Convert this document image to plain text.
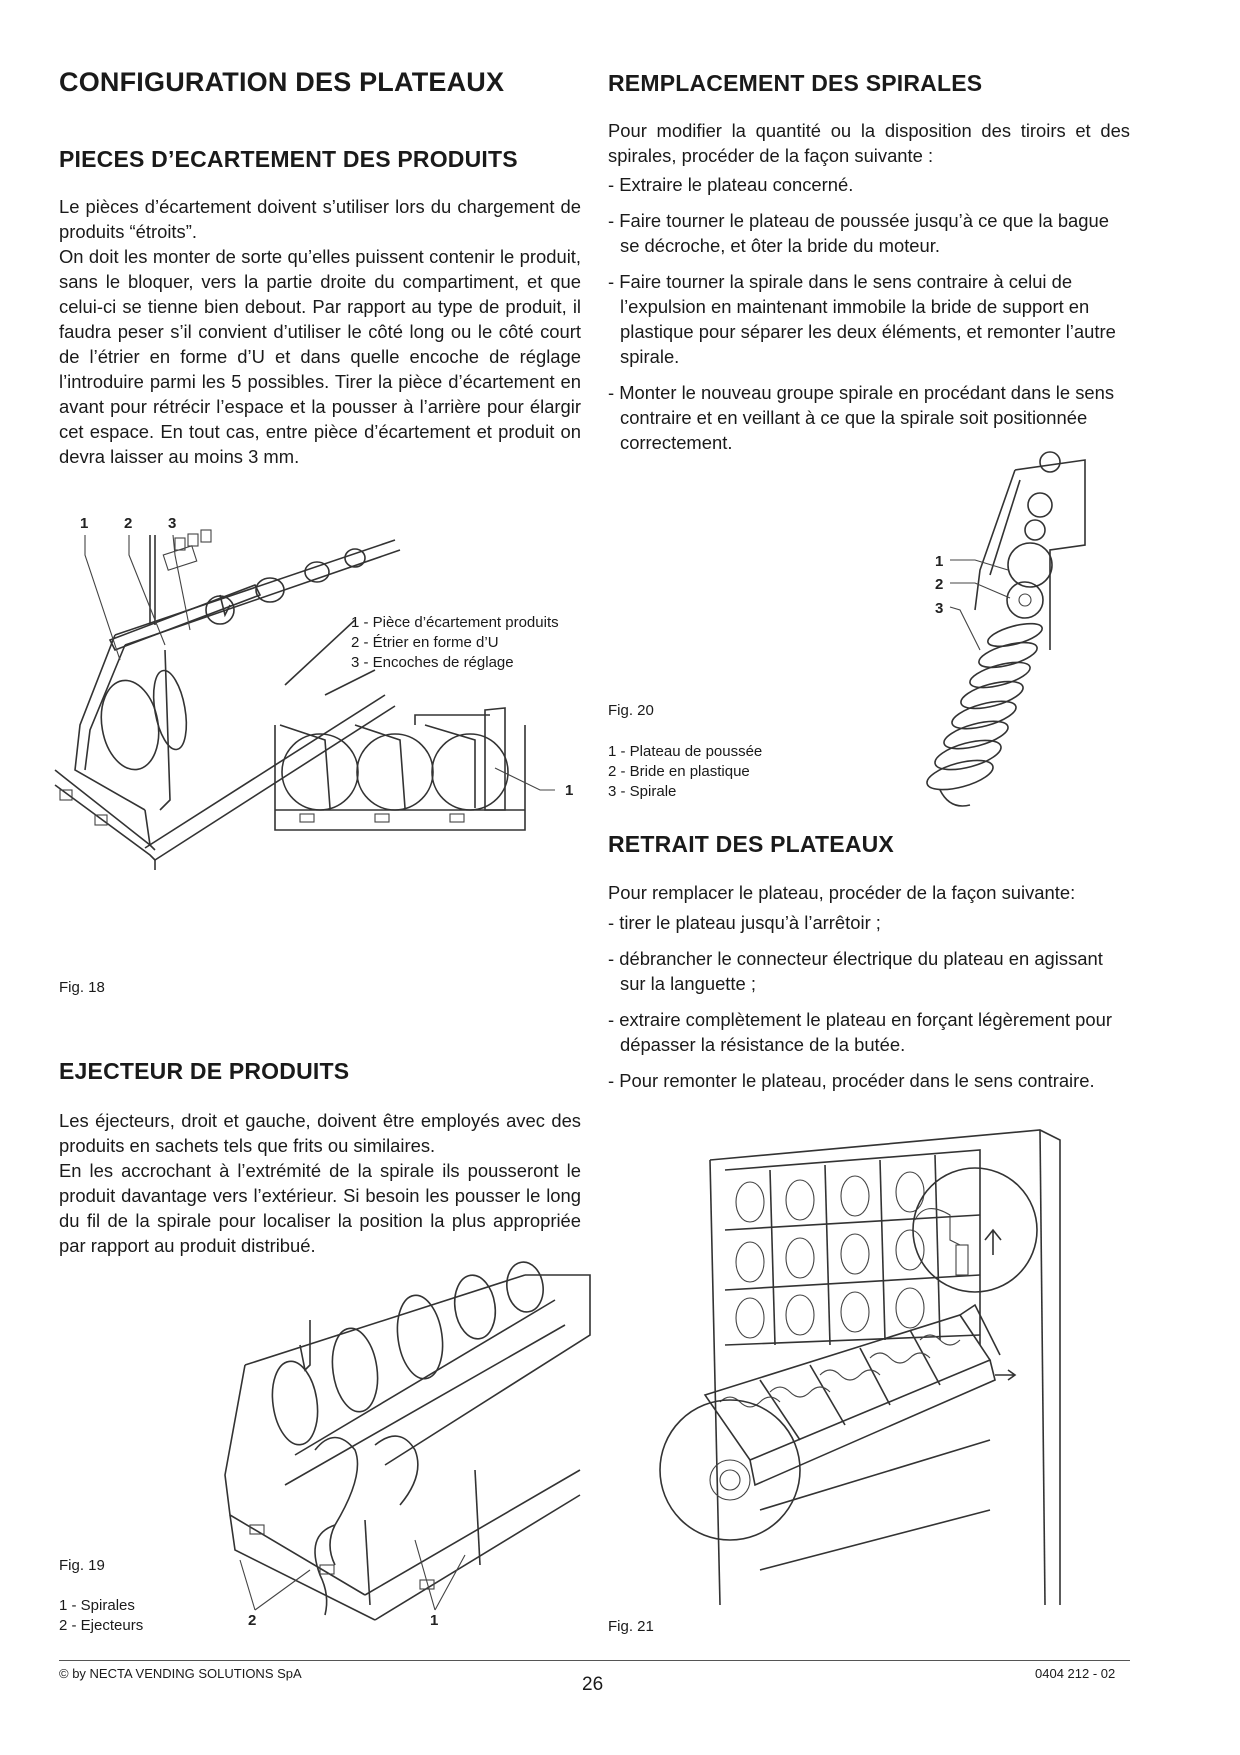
CONFIGURATION DES PLATEAUX
PIECES D’ECARTEMENT DES PRODUITS

Le pièces d’écartement doivent s’utiliser lors du chargement de produits “étroits”.

On doit les monter de sorte qu’elles puissent contenir le produit, sans le bloquer, vers la partie droite du compartiment, et que celui-ci se tienne bien debout. Par rapport au type de produit, il faudra peser s’il convient d’utiliser le côté long ou le côté court de l’étrier en forme d’U et dans quelle encoche de réglage l’introduire parmi les 5 possibles. Tirer la pièce d’écartement en avant pour rétrécir l’espace et la pousser à l’arrière pour élargir cet espace. En tout cas, entre pièce d’écartement et produit on devra laisser au moins 3 mm.

1 2 3
1
1 - Pièce d’écartement produits
2 - Étrier en forme d’U
3 - Encoches de réglage
Fig. 18
EJECTEUR DE PRODUITS

Les éjecteurs, droit et gauche, doivent être employés avec des produits en sachets tels que frits ou similaires.

En les accrochant à l’extrémité de la spirale ils pousseront le produit davantage vers l’extérieur. Si besoin les pousser le long du fil de la spirale pour localiser la position la plus appropriée par rapport au produit distribué.

2	1
Fig. 19
1 - Spirales
2 - Ejecteurs
REMPLACEMENT DES SPIRALES
Pour modifier la quantité ou la disposition des tiroirs et des spirales, procéder de la façon suivante :
- Extraire le plateau concerné.
- Faire tourner le plateau de poussée jusqu’à ce que la bague se décroche, et ôter la bride du moteur.
- Faire tourner la spirale dans le sens contraire à celui de l’expulsion en maintenant immobile la bride de support en plastique pour séparer les deux éléments, et remonter l’autre spirale.
- Monter le nouveau groupe spirale en procédant dans le sens contraire et en veillant à ce que la spirale soit positionnée correctement.
1
2
3
Fig. 20
1 - Plateau de poussée
2 - Bride en plastique
3 - Spirale
RETRAIT DES PLATEAUX
Pour remplacer le plateau, procéder de la façon suivante:
- tirer le plateau jusqu’à l’arrêtoir ;
- débrancher le connecteur électrique du plateau en agissant sur la languette ;
- extraire complètement le plateau en forçant légèrement pour dépasser la résistance de la butée.
- Pour remonter le plateau, procéder dans le sens contraire.
Fig. 21
© by NECTA VENDING SOLUTIONS SpA
26
0404 212 - 02
